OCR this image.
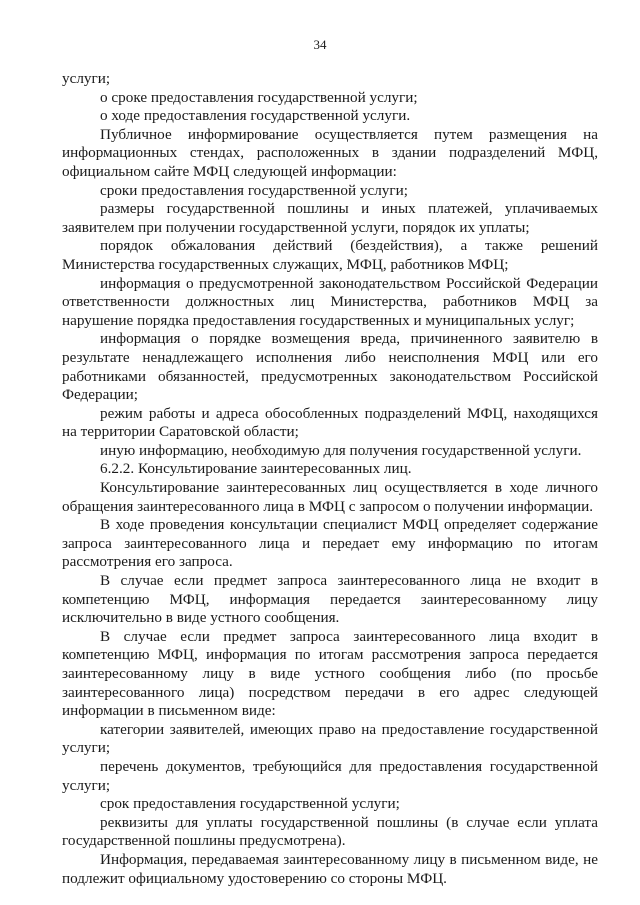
34

услуги;

о сроке предоставления государственной услуги;

о ходе предоставления государственной услуги.

Публичное информирование осуществляется путем размещения на информационных стендах, расположенных в здании подразделений МФЦ, официальном сайте МФЦ следующей информации:

сроки предоставления государственной услуги;

размеры государственной пошлины и иных платежей, уплачиваемых заявителем при получении государственной услуги, порядок их уплаты;

порядок обжалования действий (бездействия), а также решений Министерства государственных служащих, МФЦ, работников МФЦ;

информация о предусмотренной законодательством Российской Федерации ответственности должностных лиц Министерства, работников МФЦ за нарушение порядка предоставления государственных и муниципальных услуг;

информация о порядке возмещения вреда, причиненного заявителю в результате ненадлежащего исполнения либо неисполнения МФЦ или его работниками обязанностей, предусмотренных законодательством Российской Федерации;

режим работы и адреса обособленных подразделений МФЦ, находящихся на территории Саратовской области;

иную информацию, необходимую для получения государственной услуги.

6.2.2. Консультирование заинтересованных лиц.

Консультирование заинтересованных лиц осуществляется в ходе личного обращения заинтересованного лица в МФЦ с запросом о получении информации.

В ходе проведения консультации специалист МФЦ определяет содержание запроса заинтересованного лица и передает ему информацию по итогам рассмотрения его запроса.

В случае если предмет запроса заинтересованного лица не входит в компетенцию МФЦ, информация передается заинтересованному лицу исключительно в виде устного сообщения.

В случае если предмет запроса заинтересованного лица входит в компетенцию МФЦ, информация по итогам рассмотрения запроса передается заинтересованному лицу в виде устного сообщения либо (по просьбе заинтересованного лица) посредством передачи в его адрес следующей информации в письменном виде:

категории заявителей, имеющих право на предоставление государственной услуги;

перечень документов, требующийся для предоставления государственной услуги;

срок предоставления государственной услуги;

реквизиты для уплаты государственной пошлины (в случае если уплата государственной пошлины предусмотрена).

Информация, передаваемая заинтересованному лицу в письменном виде, не подлежит официальному удостоверению со стороны МФЦ.
